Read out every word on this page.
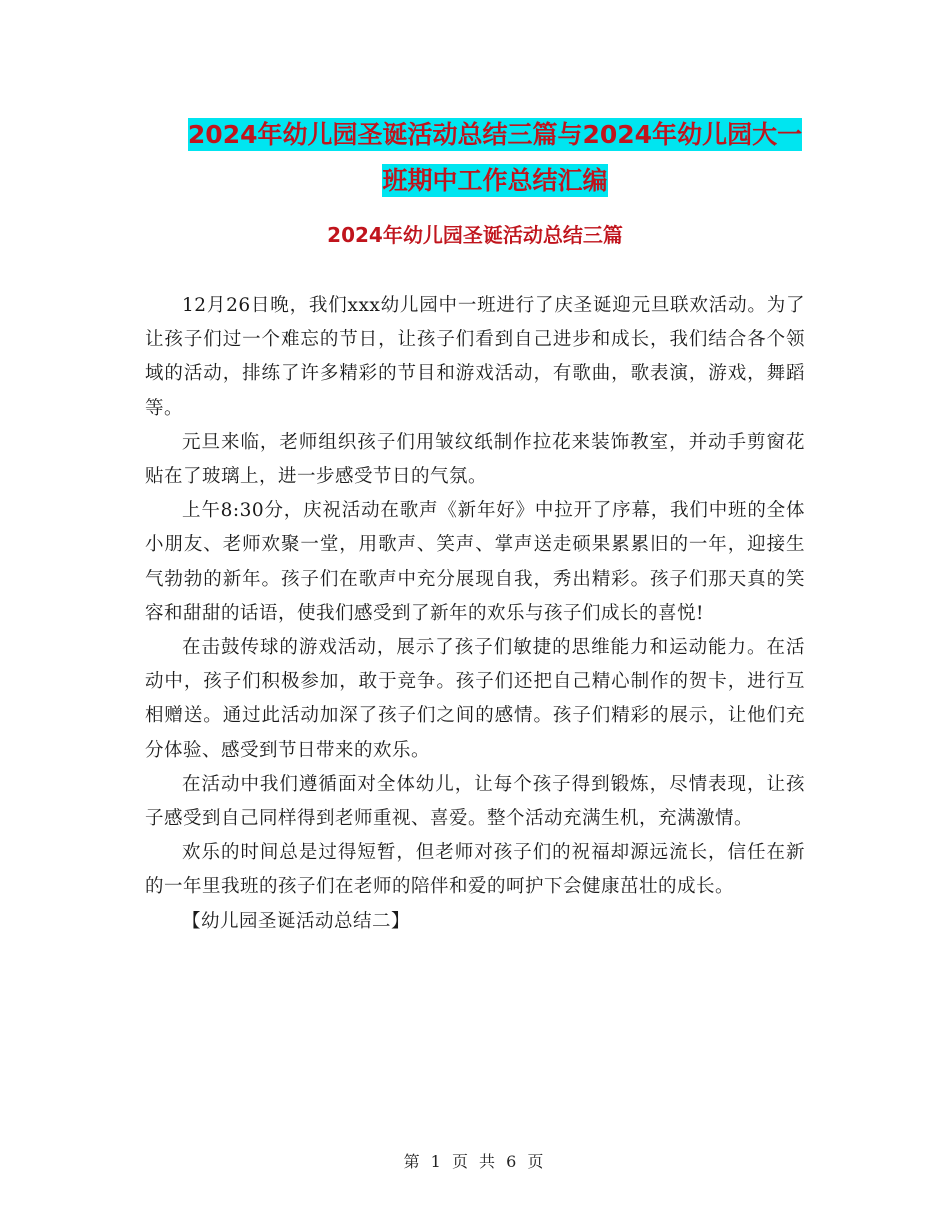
2024年幼儿园圣诞活动总结三篇与2024年幼儿园大一
班期中工作总结汇编
2024年幼儿园圣诞活动总结三篇

12月26日晚，我们xxx幼儿园中一班进行了庆圣诞迎元旦联欢活动。为了让孩子们过一个难忘的节日，让孩子们看到自己进步和成长，我们结合各个领域的活动，排练了许多精彩的节目和游戏活动，有歌曲，歌表演，游戏，舞蹈等。

元旦来临，老师组织孩子们用皱纹纸制作拉花来装饰教室，并动手剪窗花贴在了玻璃上，进一步感受节日的气氛。

上午8:30分，庆祝活动在歌声《新年好》中拉开了序幕，我们中班的全体小朋友、老师欢聚一堂，用歌声、笑声、掌声送走硕果累累旧的一年，迎接生气勃勃的新年。孩子们在歌声中充分展现自我，秀出精彩。孩子们那天真的笑容和甜甜的话语，使我们感受到了新年的欢乐与孩子们成长的喜悦!

在击鼓传球的游戏活动，展示了孩子们敏捷的思维能力和运动能力。在活动中，孩子们积极参加，敢于竞争。孩子们还把自己精心制作的贺卡，进行互相赠送。通过此活动加深了孩子们之间的感情。孩子们精彩的展示，让他们充分体验、感受到节日带来的欢乐。

在活动中我们遵循面对全体幼儿，让每个孩子得到锻炼，尽情表现，让孩子感受到自己同样得到老师重视、喜爱。整个活动充满生机，充满激情。

欢乐的时间总是过得短暂，但老师对孩子们的祝福却源远流长，信任在新的一年里我班的孩子们在老师的陪伴和爱的呵护下会健康茁壮的成长。

【幼儿园圣诞活动总结二】

第 1 页 共 6 页
